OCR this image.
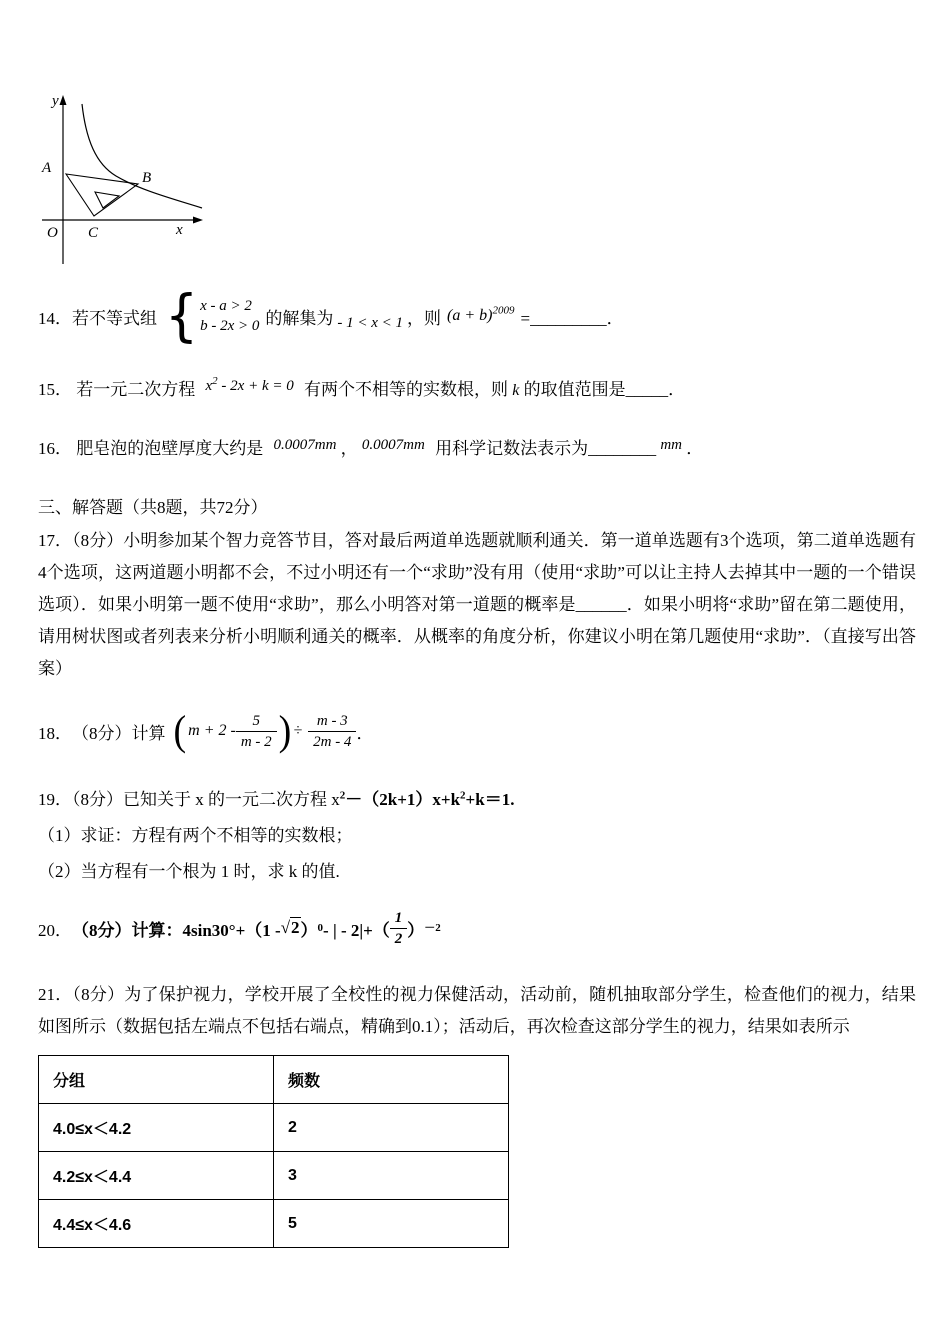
y
A
B
O C	x
14． 若不等式组 { x - a > 2
b - 2x > 0 的解集为 - 1 < x < 1 ，则 $(a + b)^{2009}$ =_________．
15． 若一元二次方程 $x^2 - 2x + k = 0$ 有两个不相等的实数根，则 k 的取值范围是_____．
16． 肥皂泡的泡壁厚度大约是 0.0007mm ， 0.0007mm 用科学记数法表示为________ mm ．
三、解答题（共8题，共72分）
17．（8分）小明参加某个智力竞答节目，答对最后两道单选题就顺利通关．第一道单选题有3个选项，第二道单选题有4个选项，这两道题小明都不会，不过小明还有一个“求助”没有用（使用“求助”可以让主持人去掉其中一题的一个错误选项）．如果小明第一题不使用“求助”，那么小明答对第一道题的概率是______．如果小明将“求助”留在第二题使用，请用树状图或者列表来分析小明顺利通关的概率．从概率的角度分析，你建议小明在第几题使用“求助”．（直接写出答案）
18． （8分）计算 ( $m + 2 - \frac{5}{m - 2}$ ) ÷ $\frac{m - 3}{2m - 4}$ ．
19．（8分）已知关于 x 的一元二次方程 $x^2-(2k+1)x+k^2+k=1$.
（1）求证：方程有两个不相等的实数根；
（2）当方程有一个根为 1 时，求 k 的值.
20． （8分）计算：4sin30°+（1 - √2 ） 0 - | - $2|+( \frac{1}{2}$ ） －2
21．（8分）为了保护视力，学校开展了全校性的视力保健活动，活动前，随机抽取部分学生，检查他们的视力，结果如图所示（数据包括左端点不包括右端点，精确到0.1）；活动后，再次检查这部分学生的视力，结果如表所示
分组	频数
4.0≤x＜4.2	2
4.2≤x＜4.4	3
4.4≤x＜4.6	5
